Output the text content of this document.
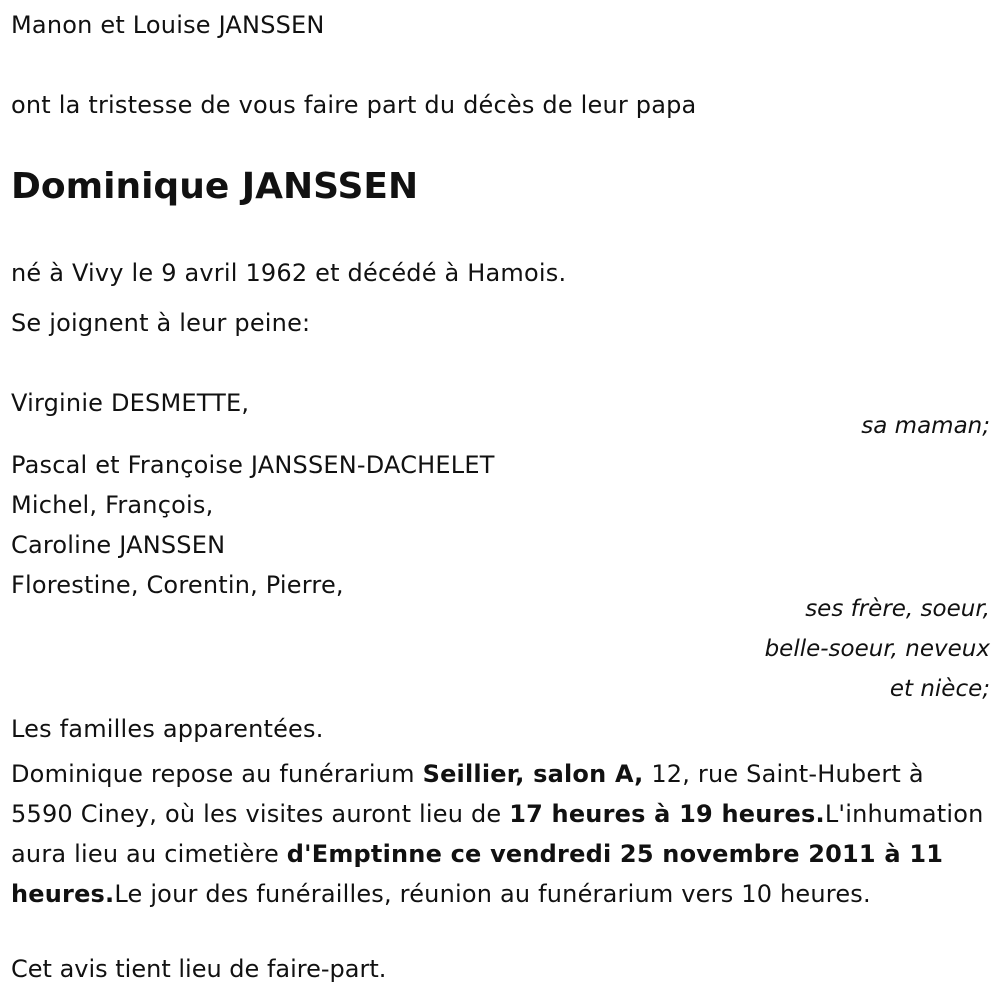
Manon et Louise JANSSEN
ont la tristesse de vous faire part du décès de leur papa
Dominique JANSSEN
né à Vivy le 9 avril 1962 et décédé à Hamois.
Se joignent à leur peine:
Virginie DESMETTE,
sa maman;
Pascal et Françoise JANSSEN-DACHELET
Michel, François,
Caroline JANSSEN
Florestine, Corentin, Pierre,
ses frère, soeur,
belle-soeur, neveux
et nièce;
Les familles apparentées.
Dominique repose au funérarium Seillier, salon A, 12, rue Saint-Hubert à 5590 Ciney, où les visites auront lieu de 17 heures à 19 heures.L'inhumation aura lieu au cimetière d'Emptinne ce vendredi 25 novembre 2011 à 11 heures.Le jour des funérailles, réunion au funérarium vers 10 heures.
Cet avis tient lieu de faire-part.
